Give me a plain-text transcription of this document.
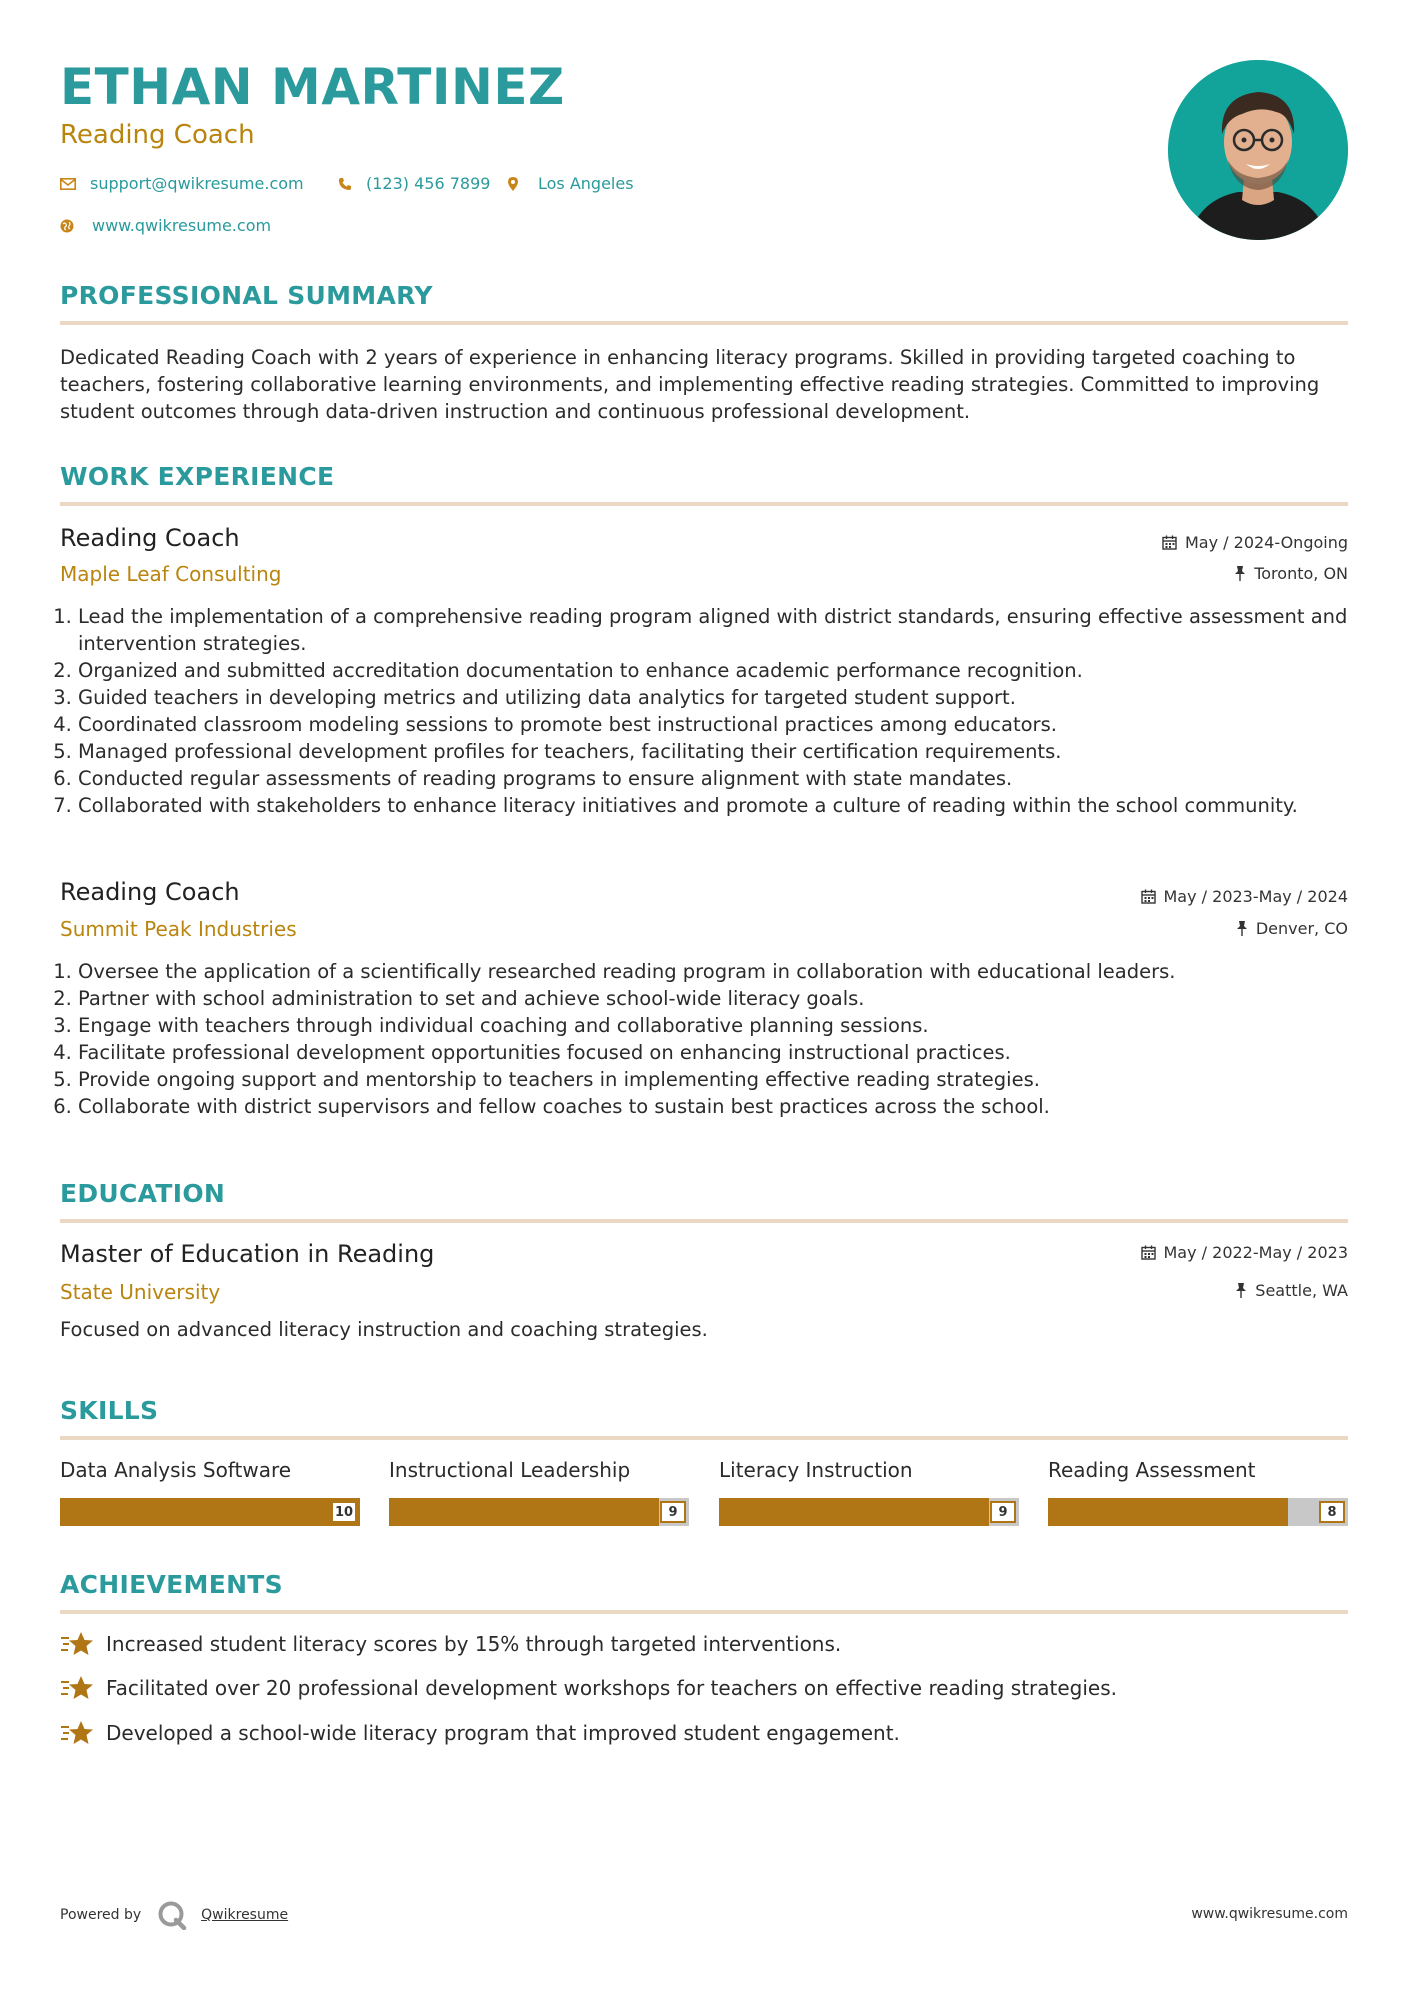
ETHAN MARTINEZ
Reading Coach
support@qwikresume.com	(123) 456 7899	Los Angeles
www.qwikresume.com
PROFESSIONAL SUMMARY
Dedicated Reading Coach with 2 years of experience in enhancing literacy programs. Skilled in providing targeted coaching to teachers, fostering collaborative learning environments, and implementing effective reading strategies. Committed to improving student outcomes through data-driven instruction and continuous professional development.
WORK EXPERIENCE
Reading Coach
Maple Leaf Consulting
May / 2024-Ongoing
Toronto, ON
1. Lead the implementation of a comprehensive reading program aligned with district standards, ensuring effective assessment and intervention strategies.
2. Organized and submitted accreditation documentation to enhance academic performance recognition.
3. Guided teachers in developing metrics and utilizing data analytics for targeted student support.
4. Coordinated classroom modeling sessions to promote best instructional practices among educators.
5. Managed professional development profiles for teachers, facilitating their certification requirements.
6. Conducted regular assessments of reading programs to ensure alignment with state mandates.
7. Collaborated with stakeholders to enhance literacy initiatives and promote a culture of reading within the school community.
Reading Coach
Summit Peak Industries
May / 2023-May / 2024
Denver, CO
1. Oversee the application of a scientifically researched reading program in collaboration with educational leaders.
2. Partner with school administration to set and achieve school-wide literacy goals.
3. Engage with teachers through individual coaching and collaborative planning sessions.
4. Facilitate professional development opportunities focused on enhancing instructional practices.
5. Provide ongoing support and mentorship to teachers in implementing effective reading strategies.
6. Collaborate with district supervisors and fellow coaches to sustain best practices across the school.
EDUCATION
Master of Education in Reading
State University
May / 2022-May / 2023
Seattle, WA
Focused on advanced literacy instruction and coaching strategies.
SKILLS
Data Analysis Software
10
Instructional Leadership
9
Literacy Instruction
9
Reading Assessment
8
ACHIEVEMENTS
Increased student literacy scores by 15% through targeted interventions.
Facilitated over 20 professional development workshops for teachers on effective reading strategies.
Developed a school-wide literacy program that improved student engagement.
Powered by	Qwikresume	www.qwikresume.com
